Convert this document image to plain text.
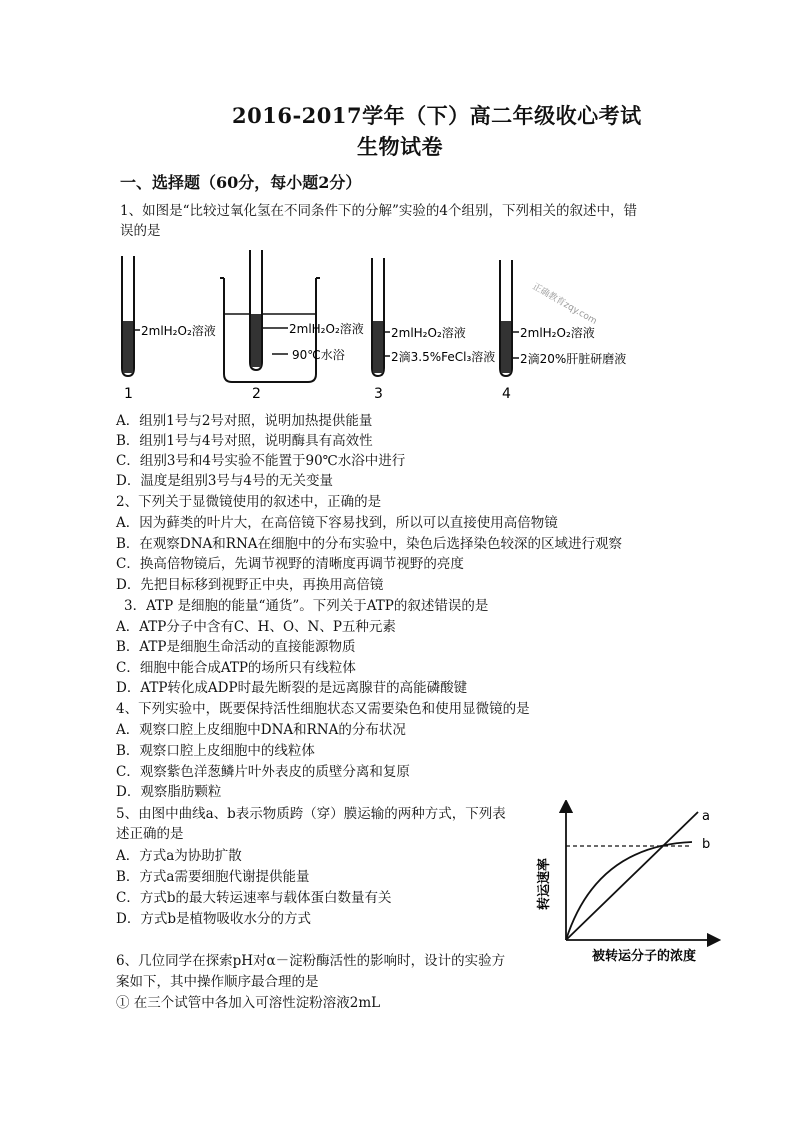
2016-2017学年（下）高二年级收心考试
生物试卷
一、选择题（60分，每小题2分）
1、如图是“比较过氧化氢在不同条件下的分解”实验的4个组别，下列相关的叙述中，错
误的是
2mlH₂O₂溶液
1
2mlH₂O₂溶液
90℃水浴
2
2mlH₂O₂溶液
2滴3.5%FeCl₃溶液
3
2mlH₂O₂溶液
2滴20%肝脏研磨液
4
正确教育zqy.com
A．组别1号与2号对照，说明加热提供能量
B．组别1号与4号对照，说明酶具有高效性
C．组别3号和4号实验不能置于90℃水浴中进行
D．温度是组别3号与4号的无关变量
2、下列关于显微镜使用的叙述中，正确的是
A．因为藓类的叶片大，在高倍镜下容易找到，所以可以直接使用高倍物镜
B．在观察DNA和RNA在细胞中的分布实验中，染色后选择染色较深的区域进行观察
C．换高倍物镜后，先调节视野的清晰度再调节视野的亮度
D．先把目标移到视野正中央，再换用高倍镜
3．ATP 是细胞的能量“通货”。下列关于ATP的叙述错误的是
A．ATP分子中含有C、H、O、N、P五种元素
B．ATP是细胞生命活动的直接能源物质
C．细胞中能合成ATP的场所只有线粒体
D．ATP转化成ADP时最先断裂的是远离腺苷的高能磷酸键
4、下列实验中，既要保持活性细胞状态又需要染色和使用显微镜的是
A．观察口腔上皮细胞中DNA和RNA的分布状况
B．观察口腔上皮细胞中的线粒体
C．观察紫色洋葱鳞片叶外表皮的质壁分离和复原
D．观察脂肪颗粒
5、由图中曲线a、b表示物质跨（穿）膜运输的两种方式，下列表
述正确的是
A．方式a为协助扩散
B．方式a需要细胞代谢提供能量
C．方式b的最大转运速率与载体蛋白数量有关
D．方式b是植物吸收水分的方式
a
b
转运速率
被转运分子的浓度
6、几位同学在探索pH对α－淀粉酶活性的影响时，设计的实验方
案如下，其中操作顺序最合理的是
① 在三个试管中各加入可溶性淀粉溶液2mL
